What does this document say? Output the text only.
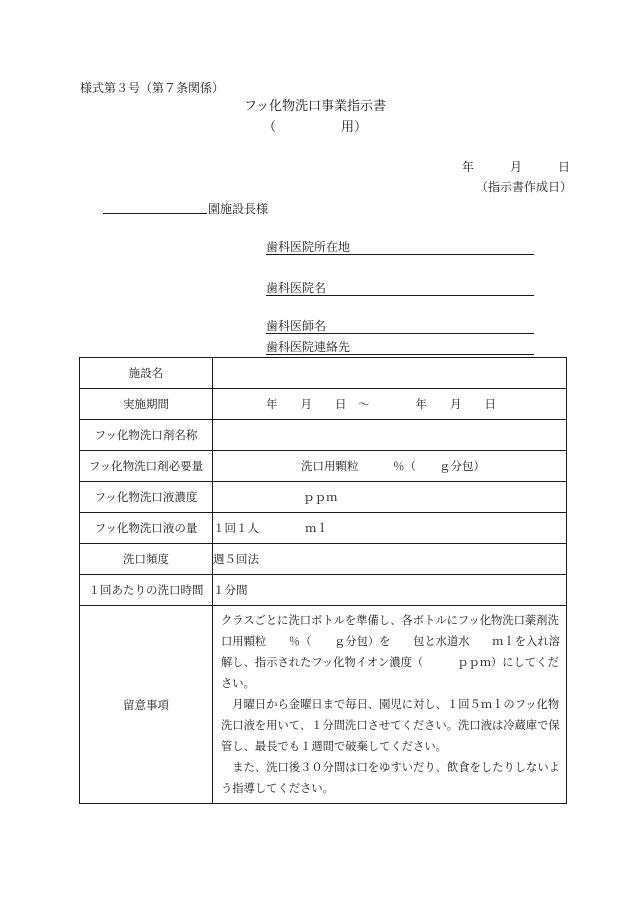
様式第３号（第７条関係）
フッ化物洗口事業指示書
（　　　　　用）
年　　　月　　　日
（指示書作成日）
園施設長様
歯科医院所在地
歯科医院名
歯科医師名
歯科医院連絡先
施設名	
実施期間	年　　月　　日　〜　　　　年　　月　　日
フッ化物洗口剤名称	
フッ化物洗口剤必要量	洗口用顆粒　　　％（　　ｇ分包）
フッ化物洗口液濃度	ｐｐｍ
フッ化物洗口液の量	１回１人　　　　ｍｌ
洗口頻度	週５回法
１回あたりの洗口時間	１分間
留意事項	クラスごとに洗口ボトルを準備し、各ボトルにフッ化物洗口薬剤洗口用顆粒　　％（　　ｇ分包）を　　包と水道水　　ｍｌを入れ溶解し、指示されたフッ化物イオン濃度（　　　ｐｐｍ）にしてください。

月曜日から金曜日まで毎日、園児に対し、１回５ｍｌのフッ化物洗口液を用いて、１分間洗口させてください。洗口液は冷蔵庫で保管し、最長でも１週間で破棄してください。

また、洗口後３０分間は口をゆすいだり、飲食をしたりしないよう指導してください。
